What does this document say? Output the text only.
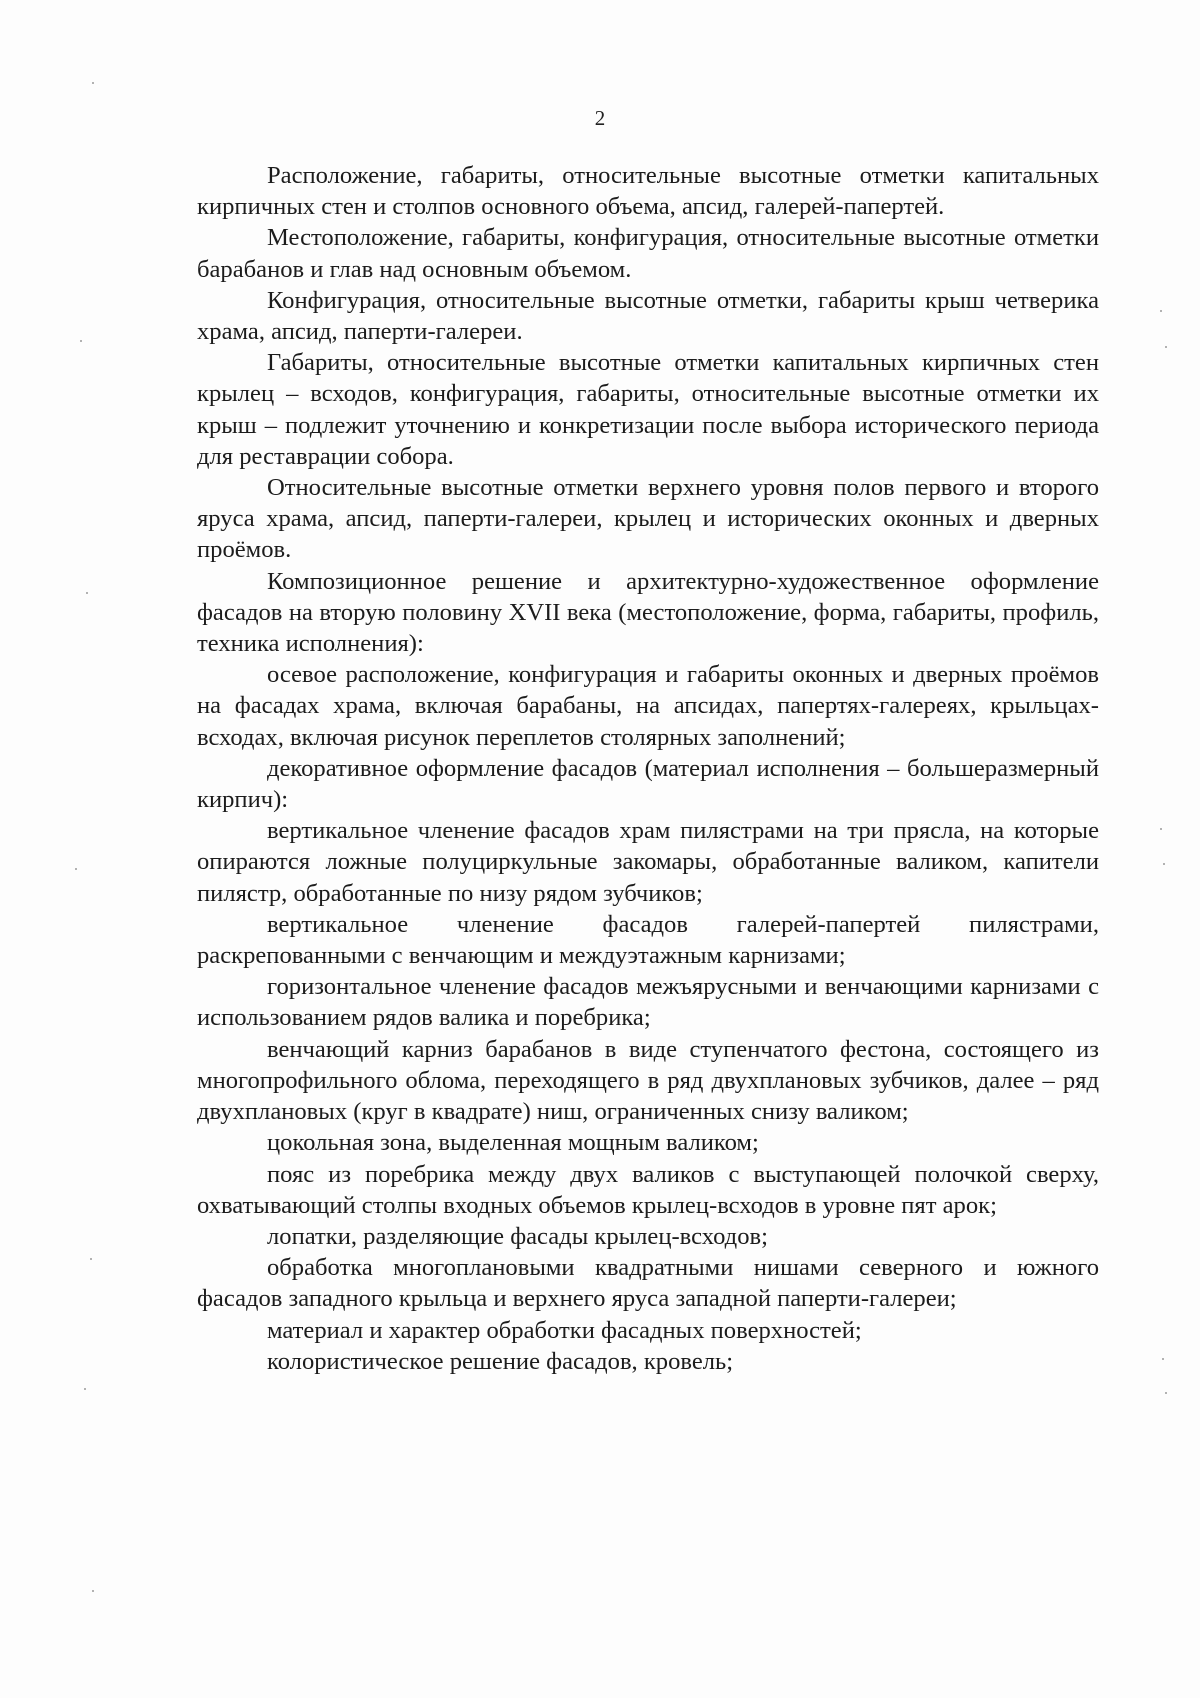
2

Расположение, габариты, относительные высотные отметки капитальных кирпичных стен и столпов основного объема, апсид, галерей-папертей.

Местоположение, габариты, конфигурация, относительные высотные отметки барабанов и глав над основным объемом.

Конфигурация, относительные высотные отметки, габариты крыш четверика храма, апсид, паперти-галереи.

Габариты, относительные высотные отметки капитальных кирпичных стен крылец – всходов, конфигурация, габариты, относительные высотные отметки их крыш – подлежит уточнению и конкретизации после выбора исторического периода для реставрации собора.

Относительные высотные отметки верхнего уровня полов первого и второго яруса храма, апсид, паперти-галереи, крылец и исторических оконных и дверных проёмов.

Композиционное решение и архитектурно-художественное оформление фасадов на вторую половину XVII века (местоположение, форма, габариты, профиль, техника исполнения):

осевое расположение, конфигурация и габариты оконных и дверных проёмов на фасадах храма, включая барабаны, на апсидах, папертях-галереях, крыльцах-всходах, включая рисунок переплетов столярных заполнений;

декоративное оформление фасадов (материал исполнения – большеразмерный кирпич):

вертикальное членение фасадов храм пилястрами на три прясла, на которые опираются ложные полуциркульные закомары, обработанные валиком, капители пилястр, обработанные по низу рядом зубчиков;

вертикальное членение фасадов галерей-папертей пилястрами, раскрепованными с венчающим и междуэтажным карнизами;

горизонтальное членение фасадов межъярусными и венчающими карнизами с использованием рядов валика и поребрика;

венчающий карниз барабанов в виде ступенчатого фестона, состоящего из многопрофильного облома, переходящего в ряд двухплановых зубчиков, далее – ряд двухплановых (круг в квадрате) ниш, ограниченных снизу валиком;

цокольная зона, выделенная мощным валиком;

пояс из поребрика между двух валиков с выступающей полочкой сверху, охватывающий столпы входных объемов крылец-всходов в уровне пят арок;

лопатки, разделяющие фасады крылец-всходов;

обработка многоплановыми квадратными нишами северного и южного фасадов западного крыльца и верхнего яруса западной паперти-галереи;

материал и характер обработки фасадных поверхностей;

колористическое решение фасадов, кровель;
